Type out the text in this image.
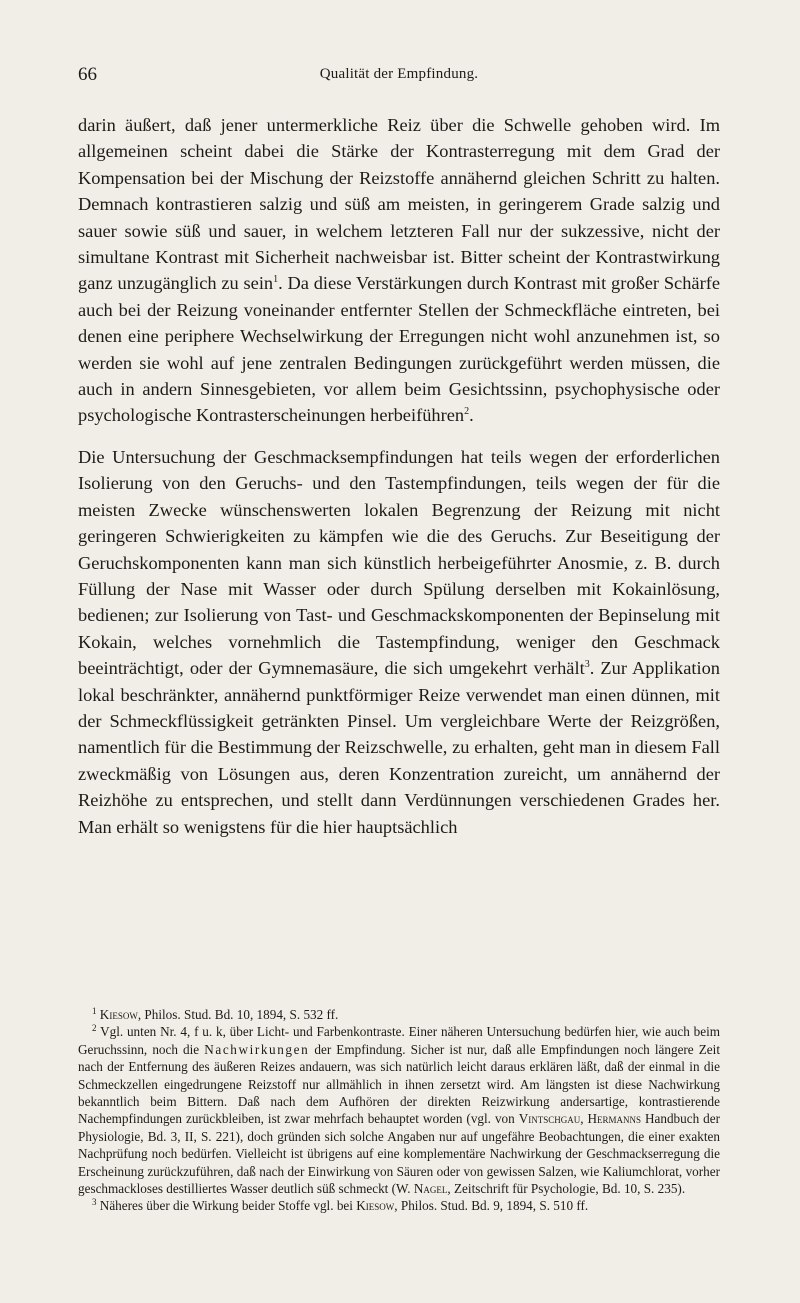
66	Qualität der Empfindung.

darin äußert, daß jener untermerkliche Reiz über die Schwelle gehoben wird. Im allgemeinen scheint dabei die Stärke der Kontrasterregung mit dem Grad der Kompensation bei der Mischung der Reizstoffe annähernd gleichen Schritt zu halten. Demnach kontrastieren salzig und süß am meisten, in geringerem Grade salzig und sauer sowie süß und sauer, in welchem letzteren Fall nur der sukzessive, nicht der simultane Kontrast mit Sicherheit nachweisbar ist. Bitter scheint der Kontrastwirkung ganz unzugänglich zu sein$^1$. Da diese Verstärkungen durch Kontrast mit großer Schärfe auch bei der Reizung voneinander entfernter Stellen der Schmeckfläche eintreten, bei denen eine periphere Wechselwirkung der Erregungen nicht wohl anzunehmen ist, so werden sie wohl auf jene zentralen Bedingungen zurückgeführt werden müssen, die auch in andern Sinnesgebieten, vor allem beim Gesichtssinn, psychophysische oder psychologische Kontrasterscheinungen herbeiführen$^2$.

Die Untersuchung der Geschmacksempfindungen hat teils wegen der erforderlichen Isolierung von den Geruchs- und den Tastempfindungen, teils wegen der für die meisten Zwecke wünschenswerten lokalen Begrenzung der Reizung mit nicht geringeren Schwierigkeiten zu kämpfen wie die des Geruchs. Zur Beseitigung der Geruchskomponenten kann man sich künstlich herbeigeführter Anosmie, z. B. durch Füllung der Nase mit Wasser oder durch Spülung derselben mit Kokainlösung, bedienen; zur Isolierung von Tast- und Geschmackskomponenten der Bepinselung mit Kokain, welches vornehmlich die Tastempfindung, weniger den Geschmack beeinträchtigt, oder der Gymnemasäure, die sich umgekehrt verhält$^3$. Zur Applikation lokal beschränkter, annähernd punktförmiger Reize verwendet man einen dünnen, mit der Schmeckflüssigkeit getränkten Pinsel. Um vergleichbare Werte der Reizgrößen, namentlich für die Bestimmung der Reizschwelle, zu erhalten, geht man in diesem Fall zweckmäßig von Lösungen aus, deren Konzentration zureicht, um annähernd der Reizhöhe zu entsprechen, und stellt dann Verdünnungen verschiedenen Grades her. Man erhält so wenigstens für die hier hauptsächlich

$^1$ Kiesow, Philos. Stud. Bd. 10, 1894, S. 532 ff.

$^2$ Vgl. unten Nr. 4, f u. k, über Licht- und Farbenkontraste. Einer näheren Untersuchung bedürfen hier, wie auch beim Geruchssinn, noch die Nachwirkungen der Empfindung. Sicher ist nur, daß alle Empfindungen noch längere Zeit nach der Entfernung des äußeren Reizes andauern, was sich natürlich leicht daraus erklären läßt, daß der einmal in die Schmeckzellen eingedrungene Reizstoff nur allmählich in ihnen zersetzt wird. Am längsten ist diese Nachwirkung bekanntlich beim Bittern. Daß nach dem Aufhören der direkten Reizwirkung andersartige, kontrastierende Nachempfindungen zurückbleiben, ist zwar mehrfach behauptet worden (vgl. von Vintschgau, Hermanns Handbuch der Physiologie, Bd. 3, II, S. 221), doch gründen sich solche Angaben nur auf ungefähre Beobachtungen, die einer exakten Nachprüfung noch bedürfen. Vielleicht ist übrigens auf eine komplementäre Nachwirkung der Geschmackserregung die Erscheinung zurückzuführen, daß nach der Einwirkung von Säuren oder von gewissen Salzen, wie Kaliumchlorat, vorher geschmackloses destilliertes Wasser deutlich süß schmeckt (W. Nagel, Zeitschrift für Psychologie, Bd. 10, S. 235).

$^3$ Näheres über die Wirkung beider Stoffe vgl. bei Kiesow, Philos. Stud. Bd. 9, 1894, S. 510 ff.
